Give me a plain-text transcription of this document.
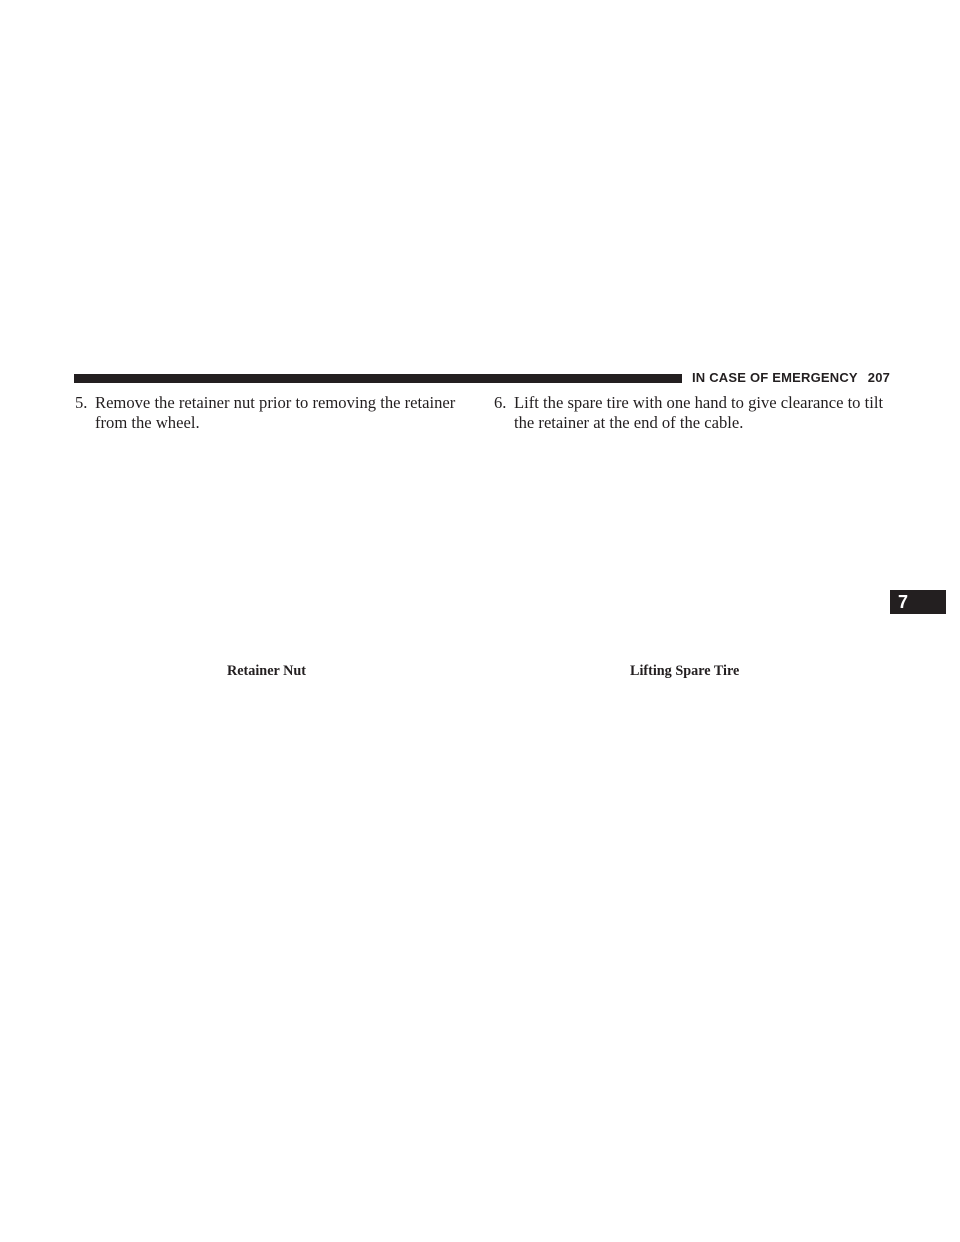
IN CASE OF EMERGENCY 207
5. Remove the retainer nut prior to removing the retainer from the wheel.
6. Lift the spare tire with one hand to give clearance to tilt the retainer at the end of the cable.
Retainer Nut	Lifting Spare Tire
7
